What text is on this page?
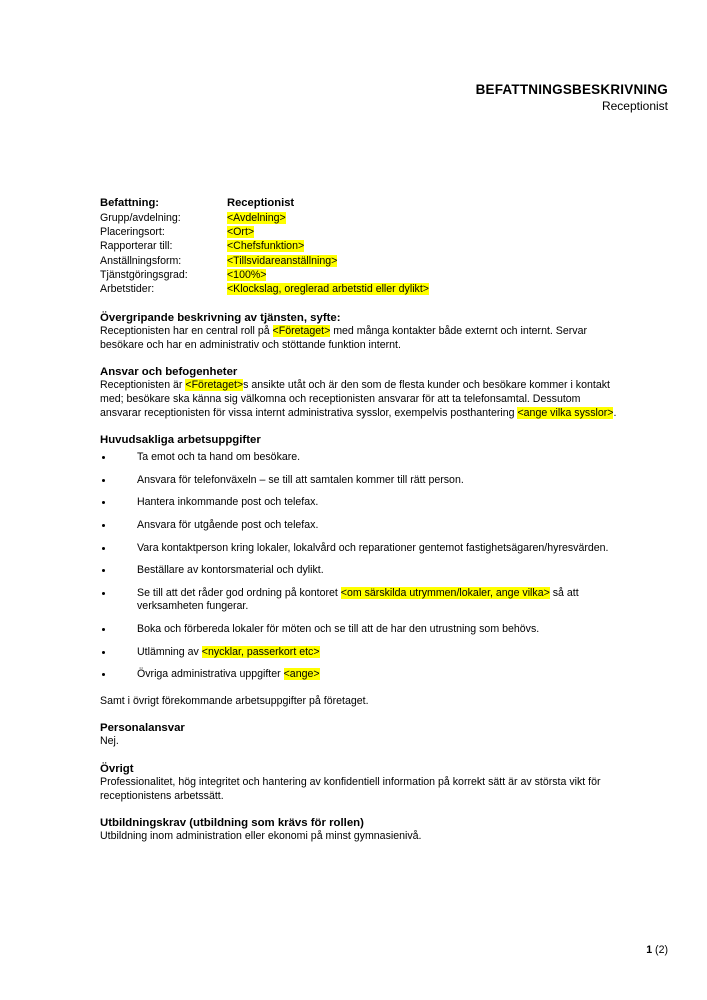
BEFATTNINGSBESKRIVNING
Receptionist
Befattning:	Receptionist
Grupp/avdelning:	<Avdelning>
Placeringsort:	<Ort>
Rapporterar till:	<Chefsfunktion>
Anställningsform:	<Tillsvidareanställning>
Tjänstgöringsgrad:	<100%>
Arbetstider:	<Klockslag, oreglerad arbetstid eller dylikt>
Övergripande beskrivning av tjänsten, syfte:

Receptionisten har en central roll på <Företaget> med många kontakter både externt och internt. Servar besökare och har en administrativ och stöttande funktion internt.

Ansvar och befogenheter

Receptionisten är <Företaget>s ansikte utåt och är den som de flesta kunder och besökare kommer i kontakt med; besökare ska känna sig välkomna och receptionisten ansvarar för att ta telefonsamtal. Dessutom ansvarar receptionisten för vissa internt administrativa sysslor, exempelvis posthantering <ange vilka sysslor>.

Huvudsakliga arbetsuppgifter
Ta emot och ta hand om besökare.
Ansvara för telefonväxeln – se till att samtalen kommer till rätt person.
Hantera inkommande post och telefax.
Ansvara för utgående post och telefax.
Vara kontaktperson kring lokaler, lokalvård och reparationer gentemot fastighetsägaren/hyresvärden.
Beställare av kontorsmaterial och dylikt.
Se till att det råder god ordning på kontoret <om särskilda utrymmen/lokaler, ange vilka> så att verksamheten fungerar.
Boka och förbereda lokaler för möten och se till att de har den utrustning som behövs.
Utlämning av <nycklar, passerkort etc>
Övriga administrativa uppgifter <ange>

Samt i övrigt förekommande arbetsuppgifter på företaget.

Personalansvar

Nej.

Övrigt

Professionalitet, hög integritet och hantering av konfidentiell information på korrekt sätt är av största vikt för receptionistens arbetssätt.

Utbildningskrav (utbildning som krävs för rollen)

Utbildning inom administration eller ekonomi på minst gymnasienivå.

1 (2)
